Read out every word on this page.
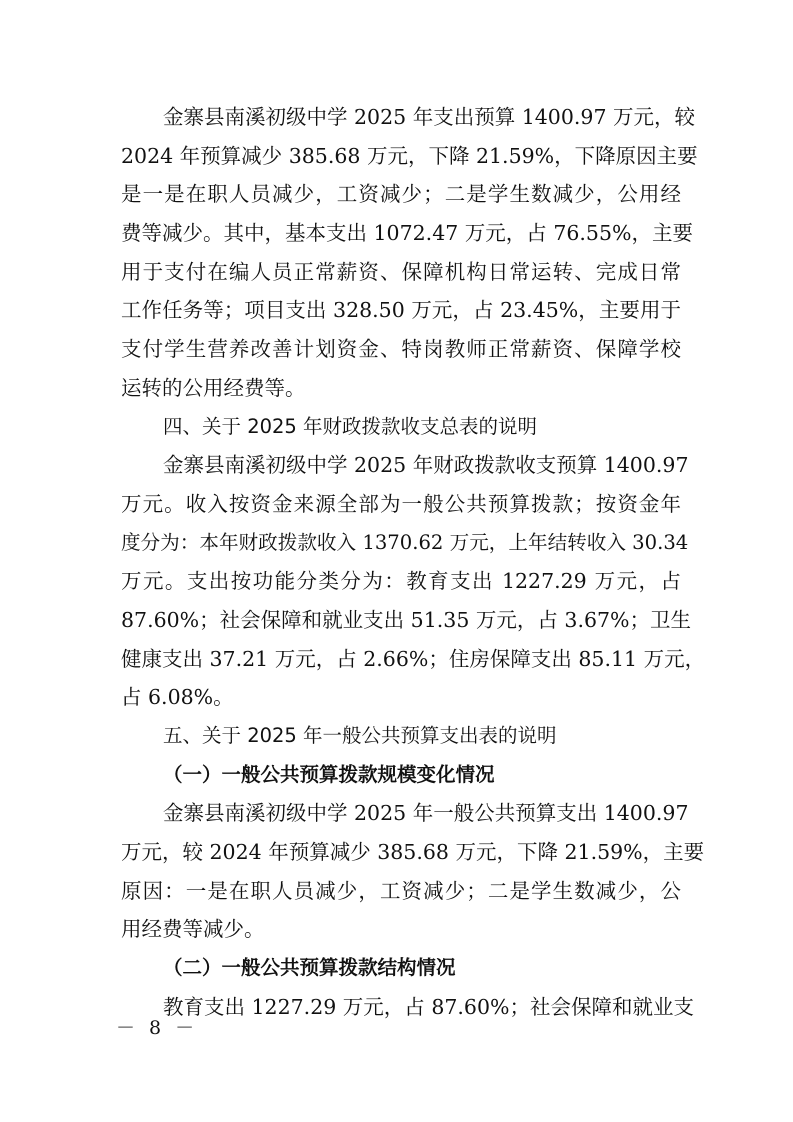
金寨县南溪初级中学 2025 年支出预算 1400.97 万元，较
2024 年预算减少 385.68 万元，下降 21.59%，下降原因主要
是一是在职人员减少，工资减少；二是学生数减少，公用经
费等减少。其中，基本支出 1072.47 万元，占 76.55%，主要
用于支付在编人员正常薪资、保障机构日常运转、完成日常
工作任务等；项目支出 328.50 万元，占 23.45%，主要用于
支付学生营养改善计划资金、特岗教师正常薪资、保障学校
运转的公用经费等。
四、关于 2025 年财政拨款收支总表的说明
金寨县南溪初级中学 2025 年财政拨款收支预算 1400.97
万元。收入按资金来源全部为一般公共预算拨款；按资金年
度分为：本年财政拨款收入 1370.62 万元，上年结转收入 30.34
万元。支出按功能分类分为：教育支出 1227.29 万元，占
87.60%；社会保障和就业支出 51.35 万元，占 3.67%；卫生
健康支出 37.21 万元，占 2.66%；住房保障支出 85.11 万元，
占 6.08%。
五、关于 2025 年一般公共预算支出表的说明
（一）一般公共预算拨款规模变化情况
金寨县南溪初级中学 2025 年一般公共预算支出 1400.97
万元，较 2024 年预算减少 385.68 万元，下降 21.59%，主要
原因：一是在职人员减少，工资减少；二是学生数减少，公
用经费等减少。
（二）一般公共预算拨款结构情况
教育支出 1227.29 万元，占 87.60%；社会保障和就业支
－ 8 －
